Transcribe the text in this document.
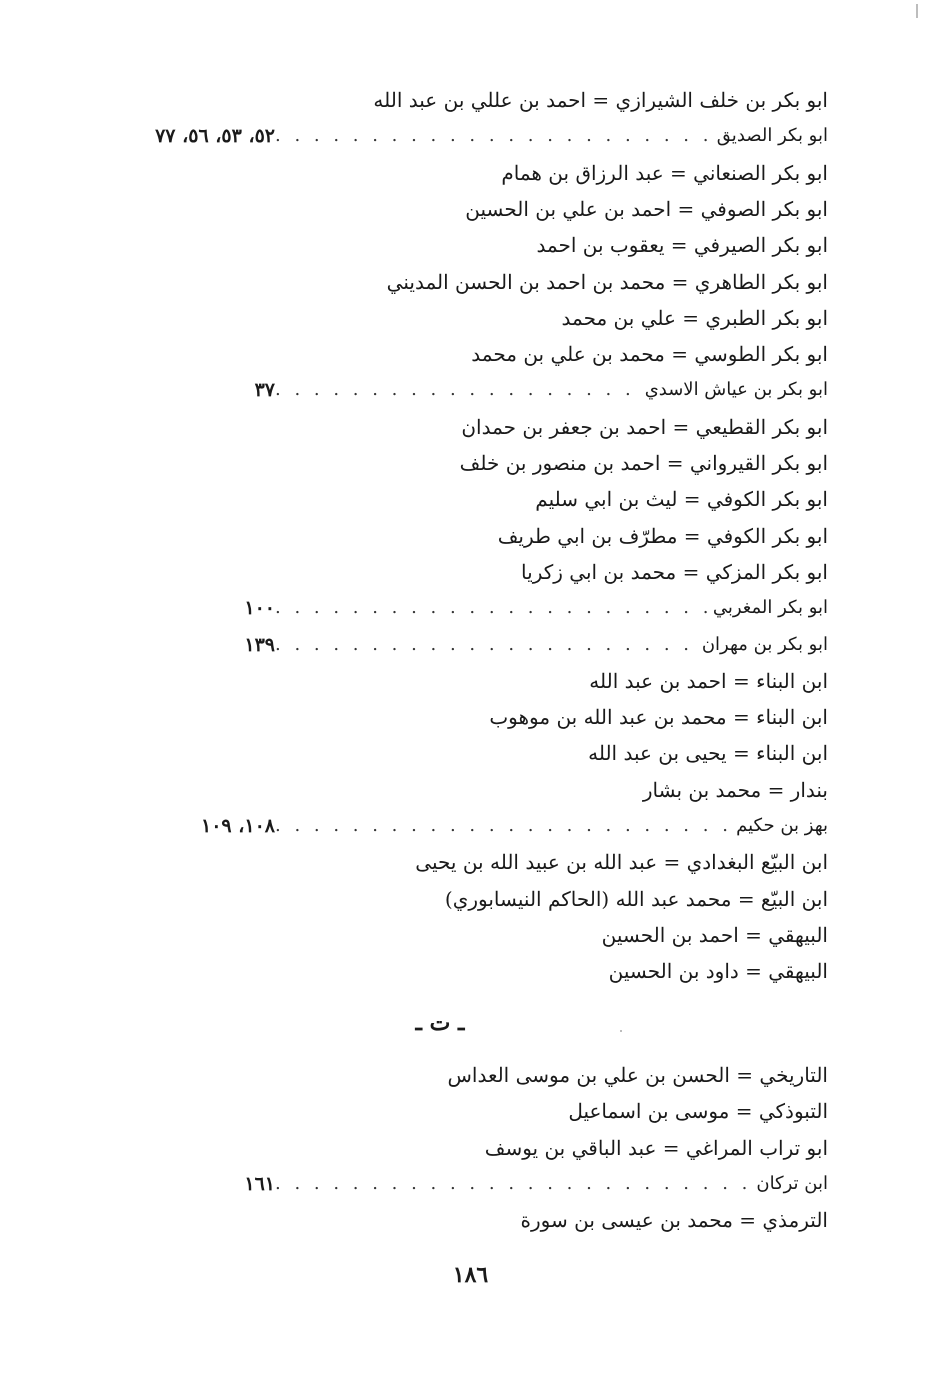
ابو بكر بن خلف الشيرازي = احمد بن عللي بن عبد الله
. . .
ابو بكر الصديق
٥٢، ٥٣، ٥٦، ٧٧
ابو بكر الصنعاني = عبد الرزاق بن همام
ابو بكر الصوفي = احمد بن علي بن الحسين
ابو بكر الصيرفي = يعقوب بن احمد
ابو بكر الطاهري = محمد بن احمد بن الحسن المديني
ابو بكر الطبري = علي بن محمد
ابو بكر الطوسي = محمد بن علي بن محمد
. . .
ابو بكر بن عياش الاسدي
٣٧
ابو بكر القطيعي = احمد بن جعفر بن حمدان
ابو بكر القيرواني = احمد بن منصور بن خلف
ابو بكر الكوفي = ليث بن ابي سليم
ابو بكر الكوفي = مطرّف بن ابي طريف
ابو بكر المزكي = محمد بن ابي زكريا
. . .
ابو بكر المغربي
١٠٠
. . .
ابو بكر بن مهران
١٣٩
ابن البناء = احمد بن عبد الله
ابن البناء = محمد بن عبد الله بن موهوب
ابن البناء = يحيى بن عبد الله
بندار = محمد بن بشار
. . .
بهز بن حكيم
١٠٨، ١٠٩
ابن البيّع البغدادي = عبد الله بن عبيد الله بن يحيى
ابن البيّع = محمد عبد الله (الحاكم النيسابوري)
البيهقي = احمد بن الحسين
البيهقي = داود بن الحسين
ـ ت ـ
التاريخي = الحسن بن علي بن موسى العداس
التبوذكي = موسى بن اسماعيل
ابو تراب المراغي = عبد الباقي بن يوسف
. . .
ابن تركان
١٦١
الترمذي = محمد بن عيسى بن سورة
١٨٦
